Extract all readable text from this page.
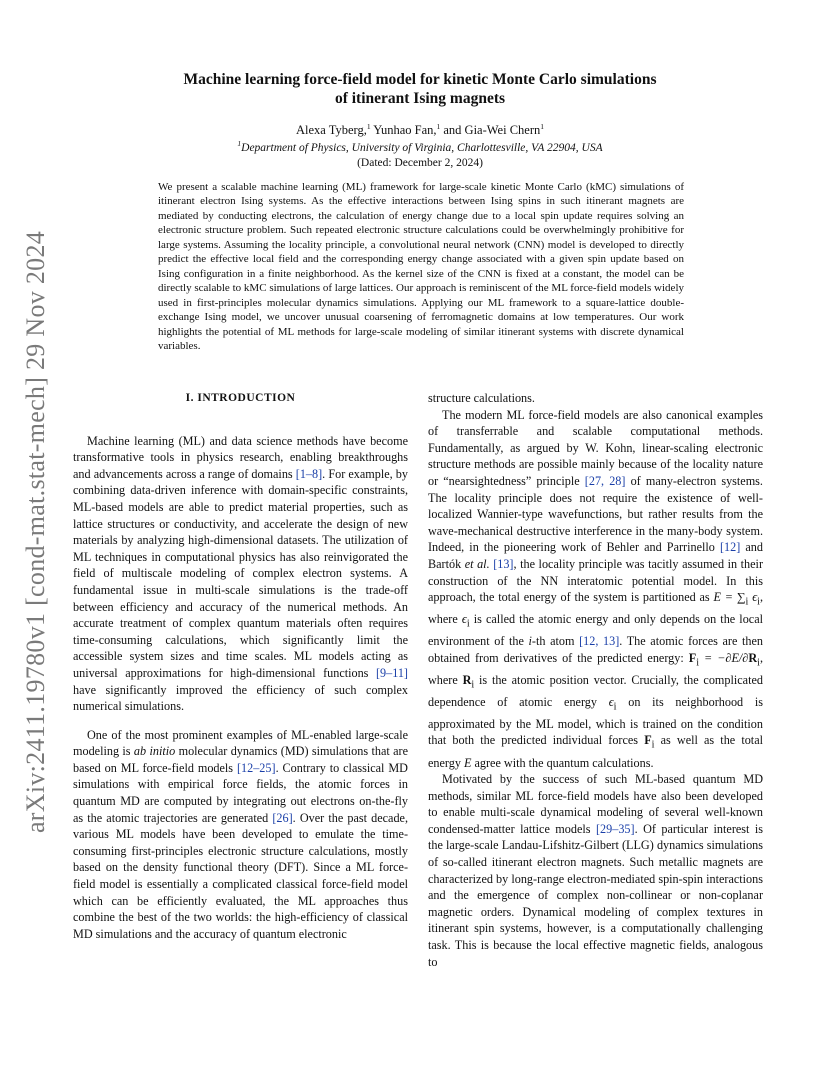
arXiv:2411.19780v1 [cond-mat.stat-mech] 29 Nov 2024
Machine learning force-field model for kinetic Monte Carlo simulations
of itinerant Ising magnets
Alexa Tyberg,$^1$ Yunhao Fan,$^1$ and Gia-Wei Chern$^1$
$^1$Department of Physics, University of Virginia, Charlottesville, VA 22904, USA
(Dated: December 2, 2024)
We present a scalable machine learning (ML) framework for large-scale kinetic Monte Carlo (kMC) simulations of itinerant electron Ising systems. As the effective interactions between Ising spins in such itinerant magnets are mediated by conducting electrons, the calculation of energy change due to a local spin update requires solving an electronic structure problem. Such repeated electronic structure calculations could be overwhelmingly prohibitive for large systems. Assuming the locality principle, a convolutional neural network (CNN) model is developed to directly predict the effective local field and the corresponding energy change associated with a given spin update based on Ising configuration in a finite neighborhood. As the kernel size of the CNN is fixed at a constant, the model can be directly scalable to kMC simulations of large lattices. Our approach is reminiscent of the ML force-field models widely used in first-principles molecular dynamics simulations. Applying our ML framework to a square-lattice double-exchange Ising model, we uncover unusual coarsening of ferromagnetic domains at low temperatures. Our work highlights the potential of ML methods for large-scale modeling of similar itinerant systems with discrete dynamical variables.
I. INTRODUCTION

Machine learning (ML) and data science methods have become transformative tools in physics research, enabling breakthroughs and advancements across a range of domains [1–8]. For example, by combining data-driven inference with domain-specific constraints, ML-based models are able to predict material properties, such as lattice structures or conductivity, and accelerate the design of new materials by analyzing high-dimensional datasets. The utilization of ML techniques in computational physics has also reinvigorated the field of multiscale modeling of complex electron systems. A fundamental issue in multi-scale simulations is the trade-off between efficiency and accuracy of the numerical methods. An accurate treatment of complex quantum materials often requires time-consuming calculations, which significantly limit the accessible system sizes and time scales. ML models acting as universal approximations for high-dimensional functions [9–11] have significantly improved the efficiency of such complex numerical simulations.

One of the most prominent examples of ML-enabled large-scale modeling is ab initio molecular dynamics (MD) simulations that are based on ML force-field models [12–25]. Contrary to classical MD simulations with empirical force fields, the atomic forces in quantum MD are computed by integrating out electrons on-the-fly as the atomic trajectories are generated [26]. Over the past decade, various ML models have been developed to emulate the time-consuming first-principles electronic structure calculations, mostly based on the density functional theory (DFT). Since a ML force-field model is essentially a complicated classical force-field model which can be efficiently evaluated, the ML approaches thus combine the best of the two worlds: the high-efficiency of classical MD simulations and the accuracy of quantum electronic

structure calculations.

The modern ML force-field models are also canonical examples of transferrable and scalable computational methods. Fundamentally, as argued by W. Kohn, linear-scaling electronic structure methods are possible mainly because of the locality nature or “nearsightedness” principle [27, 28] of many-electron systems. The locality principle does not require the existence of well-localized Wannier-type wavefunctions, but rather results from the wave-mechanical destructive interference in the many-body system. Indeed, in the pioneering work of Behler and Parrinello [12] and Bartók et al. [13], the locality principle was tacitly assumed in their construction of the NN interatomic potential model. In this approach, the total energy of the system is partitioned as $E = \sum_i$ $\epsilon_i$, where $\epsilon_i$ is called the atomic energy and only depends on the local environment of the i-th atom [12, 13]. The atomic forces are then obtained from derivatives of the predicted energy: $F_i = -\partial E/\partial R_i$, where $R_i$ is the atomic position vector. Crucially, the complicated dependence of atomic energy $\epsilon_i$ on its neighborhood is approximated by the ML model, which is trained on the condition that both the predicted individual forces $F_i$ as well as the total energy E agree with the quantum calculations.

Motivated by the success of such ML-based quantum MD methods, similar ML force-field models have also been developed to enable multi-scale dynamical modeling of several well-known condensed-matter lattice models [29–35]. Of particular interest is the large-scale Landau-Lifshitz-Gilbert (LLG) dynamics simulations of so-called itinerant electron magnets. Such metallic magnets are characterized by long-range electron-mediated spin-spin interactions and the emergence of complex non-collinear or non-coplanar magnetic orders. Dynamical modeling of complex textures in itinerant spin systems, however, is a computationally challenging task. This is because the local effective magnetic fields, analogous to
